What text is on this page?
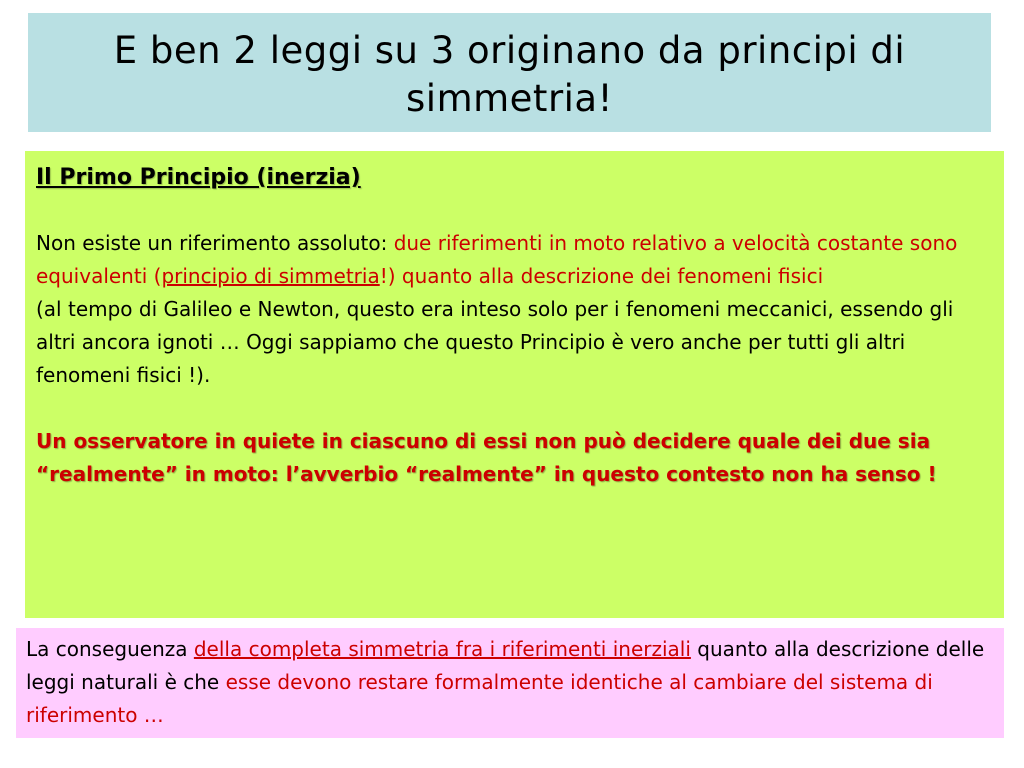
E ben 2 leggi su 3 originano da principi di
simmetria!

Il Primo Principio (inerzia)

Non esiste un riferimento assoluto: due riferimenti in moto relativo a velocità costante sono equivalenti (principio di simmetria!) quanto alla descrizione dei fenomeni fisici

(al tempo di Galileo e Newton, questo era inteso solo per i fenomeni meccanici, essendo gli altri ancora ignoti … Oggi sappiamo che questo Principio è vero anche per tutti gli altri fenomeni fisici !).

Un osservatore in quiete in ciascuno di essi non può decidere quale dei due sia “realmente” in moto: l’avverbio “realmente” in questo contesto non ha senso !

La conseguenza della completa simmetria fra i riferimenti inerziali quanto alla descrizione delle leggi naturali è che esse devono restare formalmente identiche al cambiare del sistema di riferimento …
